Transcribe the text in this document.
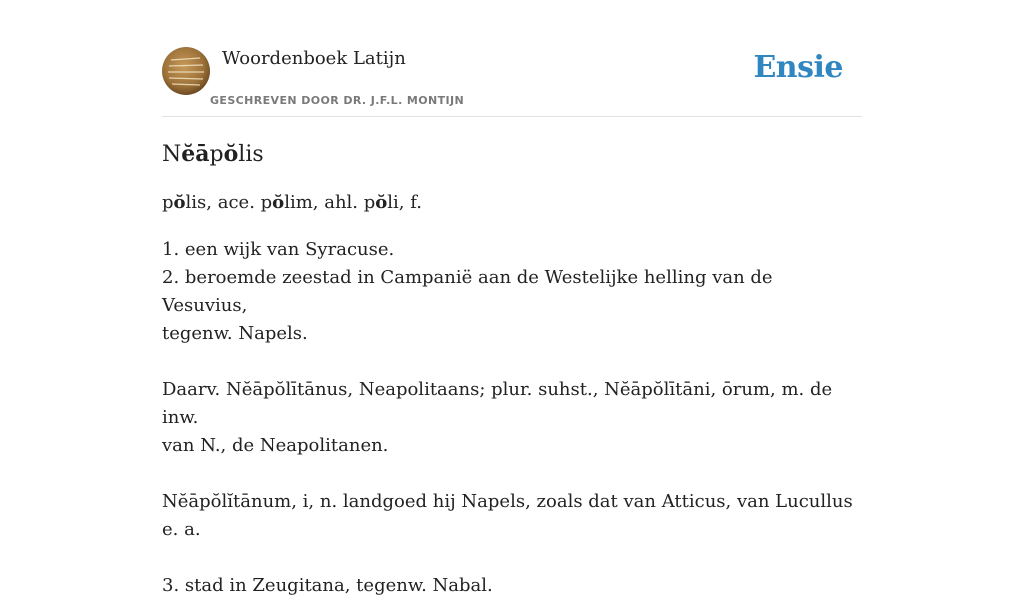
Woordenboek Latijn
GESCHREVEN DOOR DR. J.F.L. MONTIJN
Ensie
Nĕāpŏlis

pŏlis, ace. pŏlim, ahl. pŏli, f.

1. een wijk van Syracuse.

2. beroemde zeestad in Campanië aan de Westelijke helling van de Vesuvius,

tegenw. Napels.

Daarv. Nĕāpŏlītānus, Neapolitaans; plur. suhst., Nĕāpŏlītāni, ōrum, m. de inw.

van N., de Neapolitanen.

Nĕāpŏlĭtānum, i, n. landgoed hij Napels, zoals dat van Atticus, van Lucullus e. a.

3. stad in Zeugitana, tegenw. Nabal.
